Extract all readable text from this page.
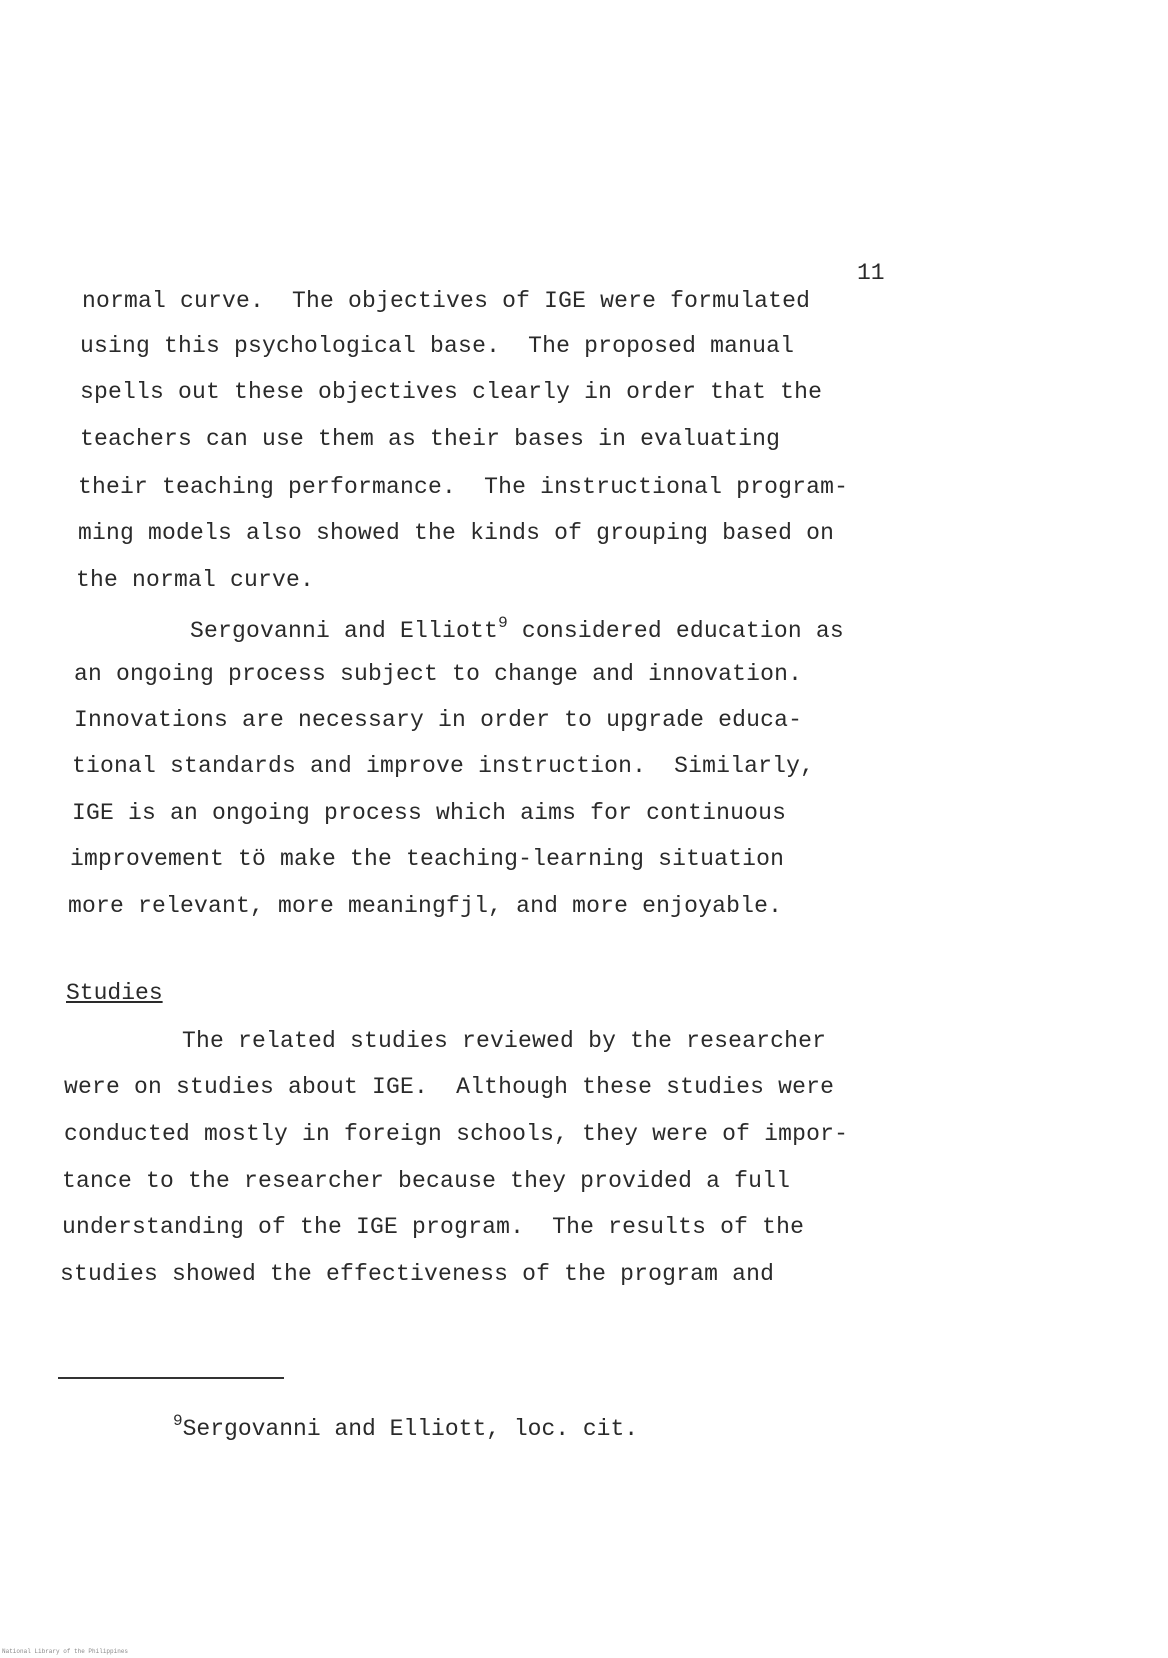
11
normal curve.  The objectives of IGE were formulated
using this psychological base.  The proposed manual
spells out these objectives clearly in order that the
teachers can use them as their bases in evaluating
their teaching performance.  The instructional program-
ming models also showed the kinds of grouping based on
the normal curve.
Sergovanni and Elliott$^9$ considered education as
an ongoing process subject to change and innovation.
Innovations are necessary in order to upgrade educa-
tional standards and improve instruction.  Similarly,
IGE is an ongoing process which aims for continuous
improvement tö make the teaching-learning situation
more relevant, more meaningfjl, and more enjoyable.
Studies
The related studies reviewed by the researcher
were on studies about IGE.  Although these studies were
conducted mostly in foreign schools, they were of impor-
tance to the researcher because they provided a full
understanding of the IGE program.  The results of the
studies showed the effectiveness of the program and
$^9$Sergovanni and Elliott, loc. cit.
National Library of the Philippines
